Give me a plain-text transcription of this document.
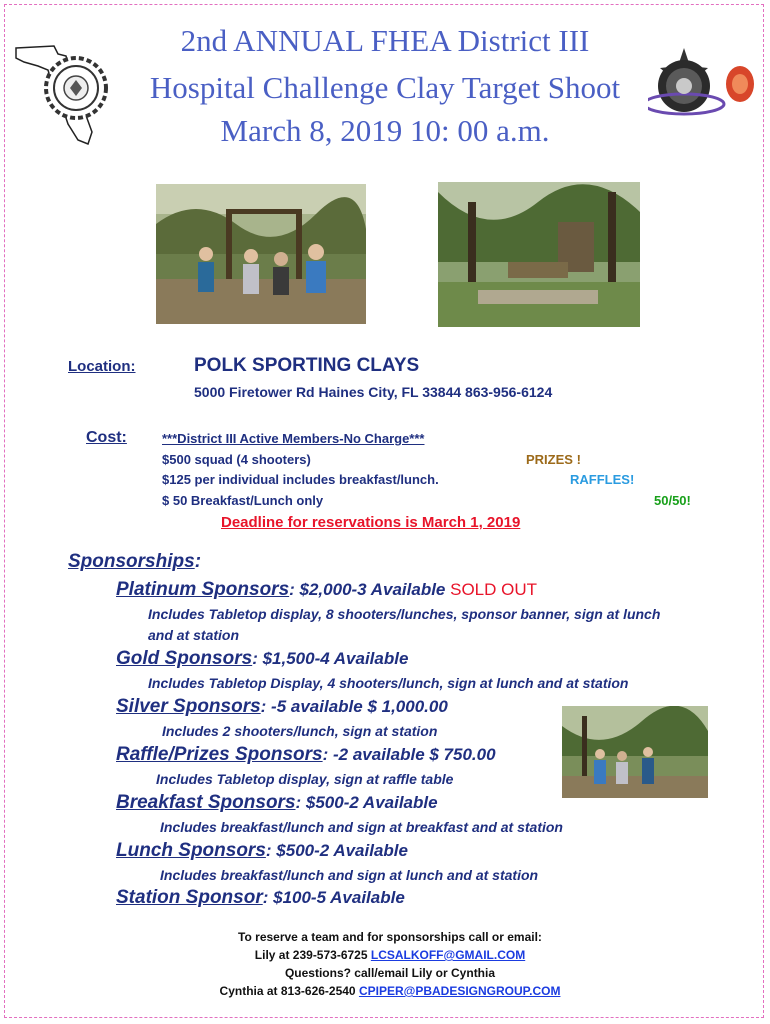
2nd ANNUAL FHEA District III
Hospital Challenge Clay Target Shoot
March 8, 2019 10: 00 a.m.
Location:	POLK SPORTING CLAYS
5000 Firetower Rd Haines City, FL 33844 863-956-6124
Cost:	***District III Active Members-No Charge***
$500 squad (4 shooters)
$125 per individual includes breakfast/lunch.
$ 50 Breakfast/Lunch only
PRIZES !
RAFFLES!
50/50!
Deadline for reservations is March 1, 2019
Sponsorships:
Platinum Sponsors: $2,000-3 Available SOLD OUT
Includes Tabletop display, 8 shooters/lunches, sponsor banner, sign at lunch
and at station
Gold Sponsors: $1,500-4 Available
Includes Tabletop Display, 4 shooters/lunch, sign at lunch and at station
Silver Sponsors: -5 available $ 1,000.00
Includes 2 shooters/lunch, sign at station
Raffle/Prizes Sponsors: -2 available $ 750.00
Includes Tabletop display, sign at raffle table
Breakfast Sponsors: $500-2 Available
Includes breakfast/lunch and sign at breakfast and at station
Lunch Sponsors: $500-2 Available
Includes breakfast/lunch and sign at lunch and at station
Station Sponsor: $100-5 Available
To reserve a team and for sponsorships call or email:
Lily at 239-573-6725 LCSALKOFF@GMAIL.COM
Questions? call/email Lily or Cynthia
Cynthia at 813-626-2540 CPIPER@PBADESIGNGROUP.COM
